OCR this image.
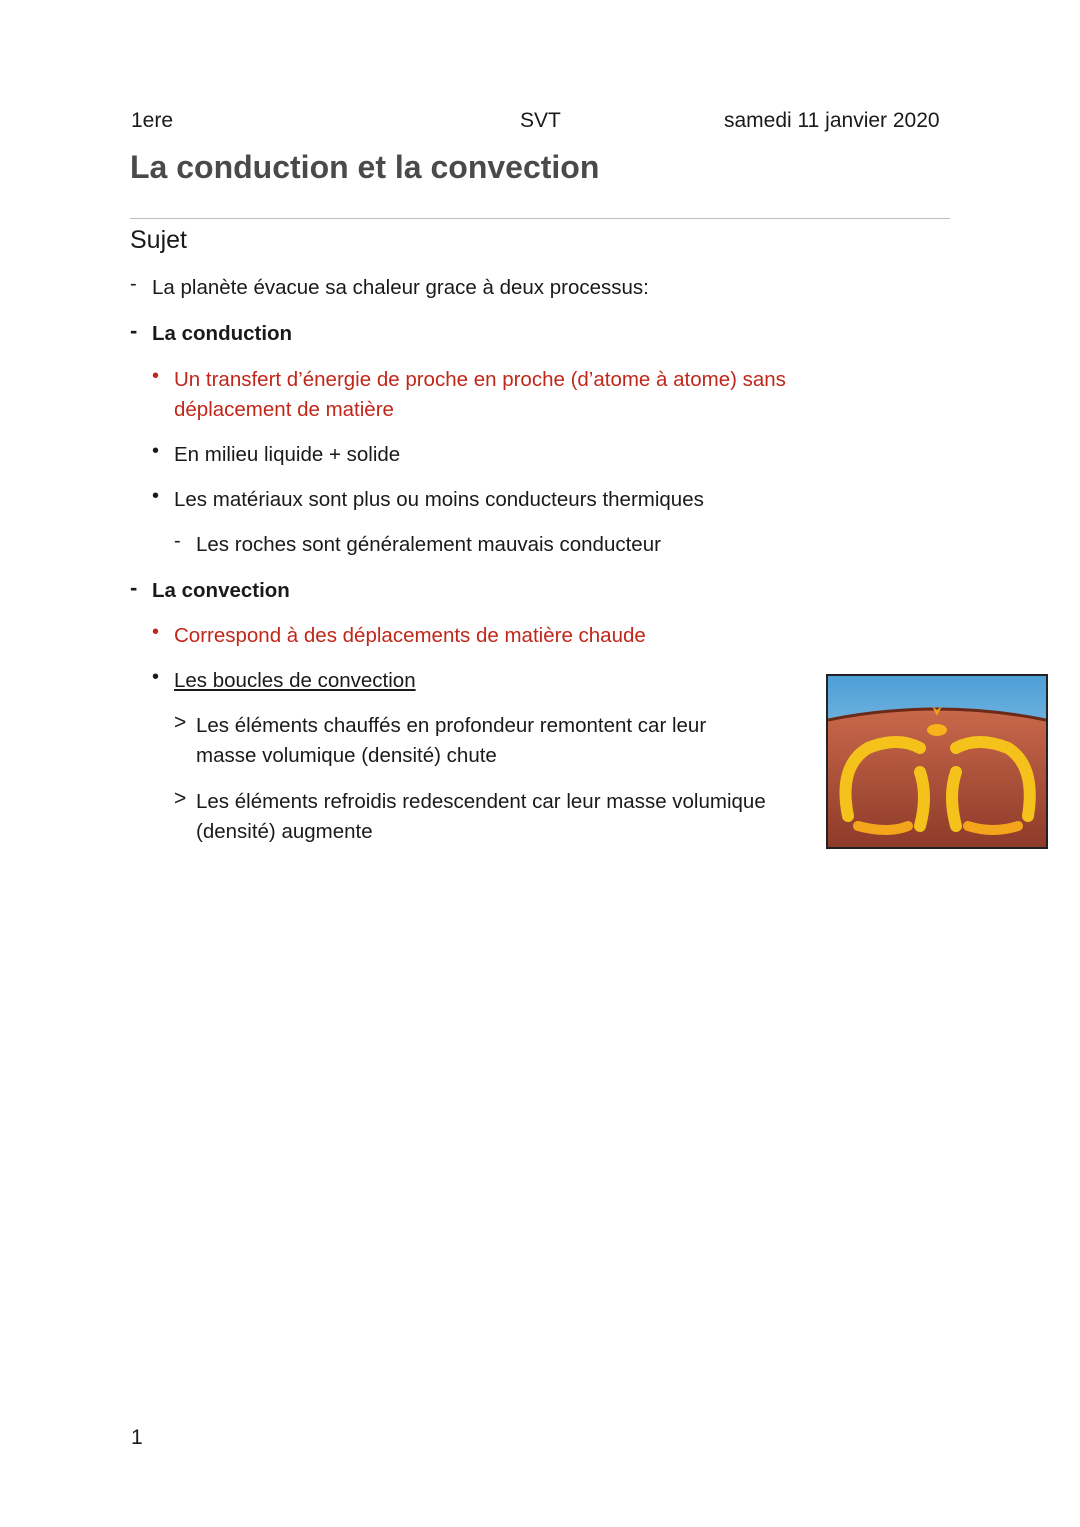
1ere	SVT	samedi 11 janvier 2020
La conduction et la convection
Sujet
- La planète évacue sa chaleur grace à deux processus:
- La conduction
• Un transfert d’énergie de proche en proche (d’atome à atome) sans
déplacement de matière
• En milieu liquide + solide
• Les matériaux sont plus ou moins conducteurs thermiques
- Les roches sont généralement mauvais conducteur
- La convection
• Correspond à des déplacements de matière chaude
• Les boucles de convection
> Les éléments chauffés en profondeur remontent car leur
masse volumique (densité) chute
> Les éléments refroidis redescendent car leur masse volumique
(densité) augmente
1
